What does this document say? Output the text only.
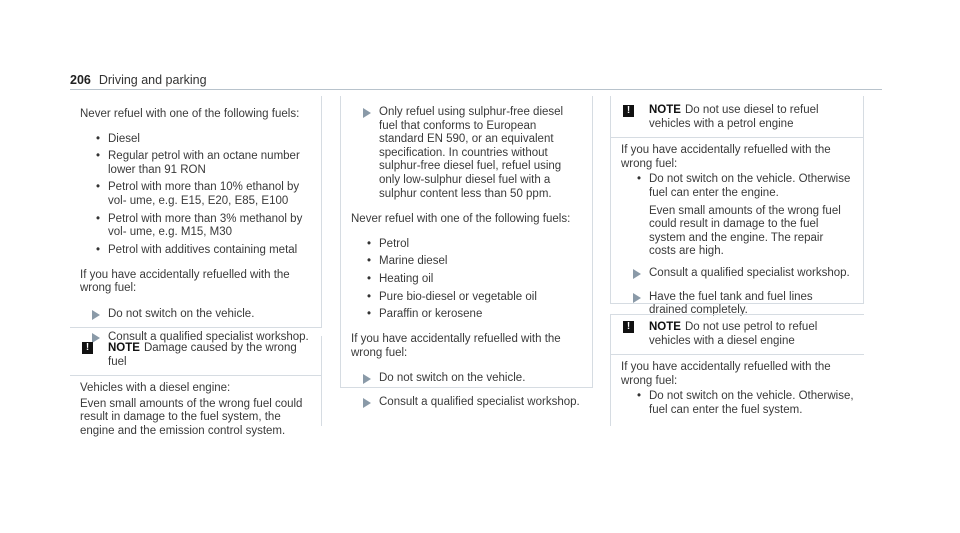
206 Driving and parking

Never refuel with one of the following fuels:

• Diesel
• Regular petrol with an octane number lower than 91 RON
• Petrol with more than 10% ethanol by vol- ume, e.g. E15, E20, E85, E100
• Petrol with more than 3% methanol by vol- ume, e.g. M15, M30
• Petrol with additives containing metal

If you have accidentally refuelled with the wrong fuel:

Do not switch on the vehicle.
Consult a qualified specialist workshop.
!	NOTE Damage caused by the wrong fuel

Vehicles with a diesel engine:

Even small amounts of the wrong fuel could result in damage to the fuel system, the engine and the emission control system.

Only refuel using sulphur-free diesel fuel that conforms to European standard EN 590, or an equivalent specification. In countries without sulphur-free diesel fuel, refuel using only low-sulphur diesel fuel with a sulphur content less than 50 ppm.

Never refuel with one of the following fuels:

• Petrol
• Marine diesel
• Heating oil
• Pure bio-diesel or vegetable oil
• Paraffin or kerosene

If you have accidentally refuelled with the wrong fuel:

Do not switch on the vehicle.
Consult a qualified specialist workshop.
!	NOTE Do not use diesel to refuel vehicles with a petrol engine

If you have accidentally refuelled with the wrong fuel:

• Do not switch on the vehicle. Otherwise fuel can enter the engine.

Even small amounts of the wrong fuel could result in damage to the fuel system and the engine. The repair costs are high.

Consult a qualified specialist workshop.
Have the fuel tank and fuel lines drained completely.
!	NOTE Do not use petrol to refuel vehicles with a diesel engine

If you have accidentally refuelled with the wrong fuel:

• Do not switch on the vehicle. Otherwise, fuel can enter the fuel system.
